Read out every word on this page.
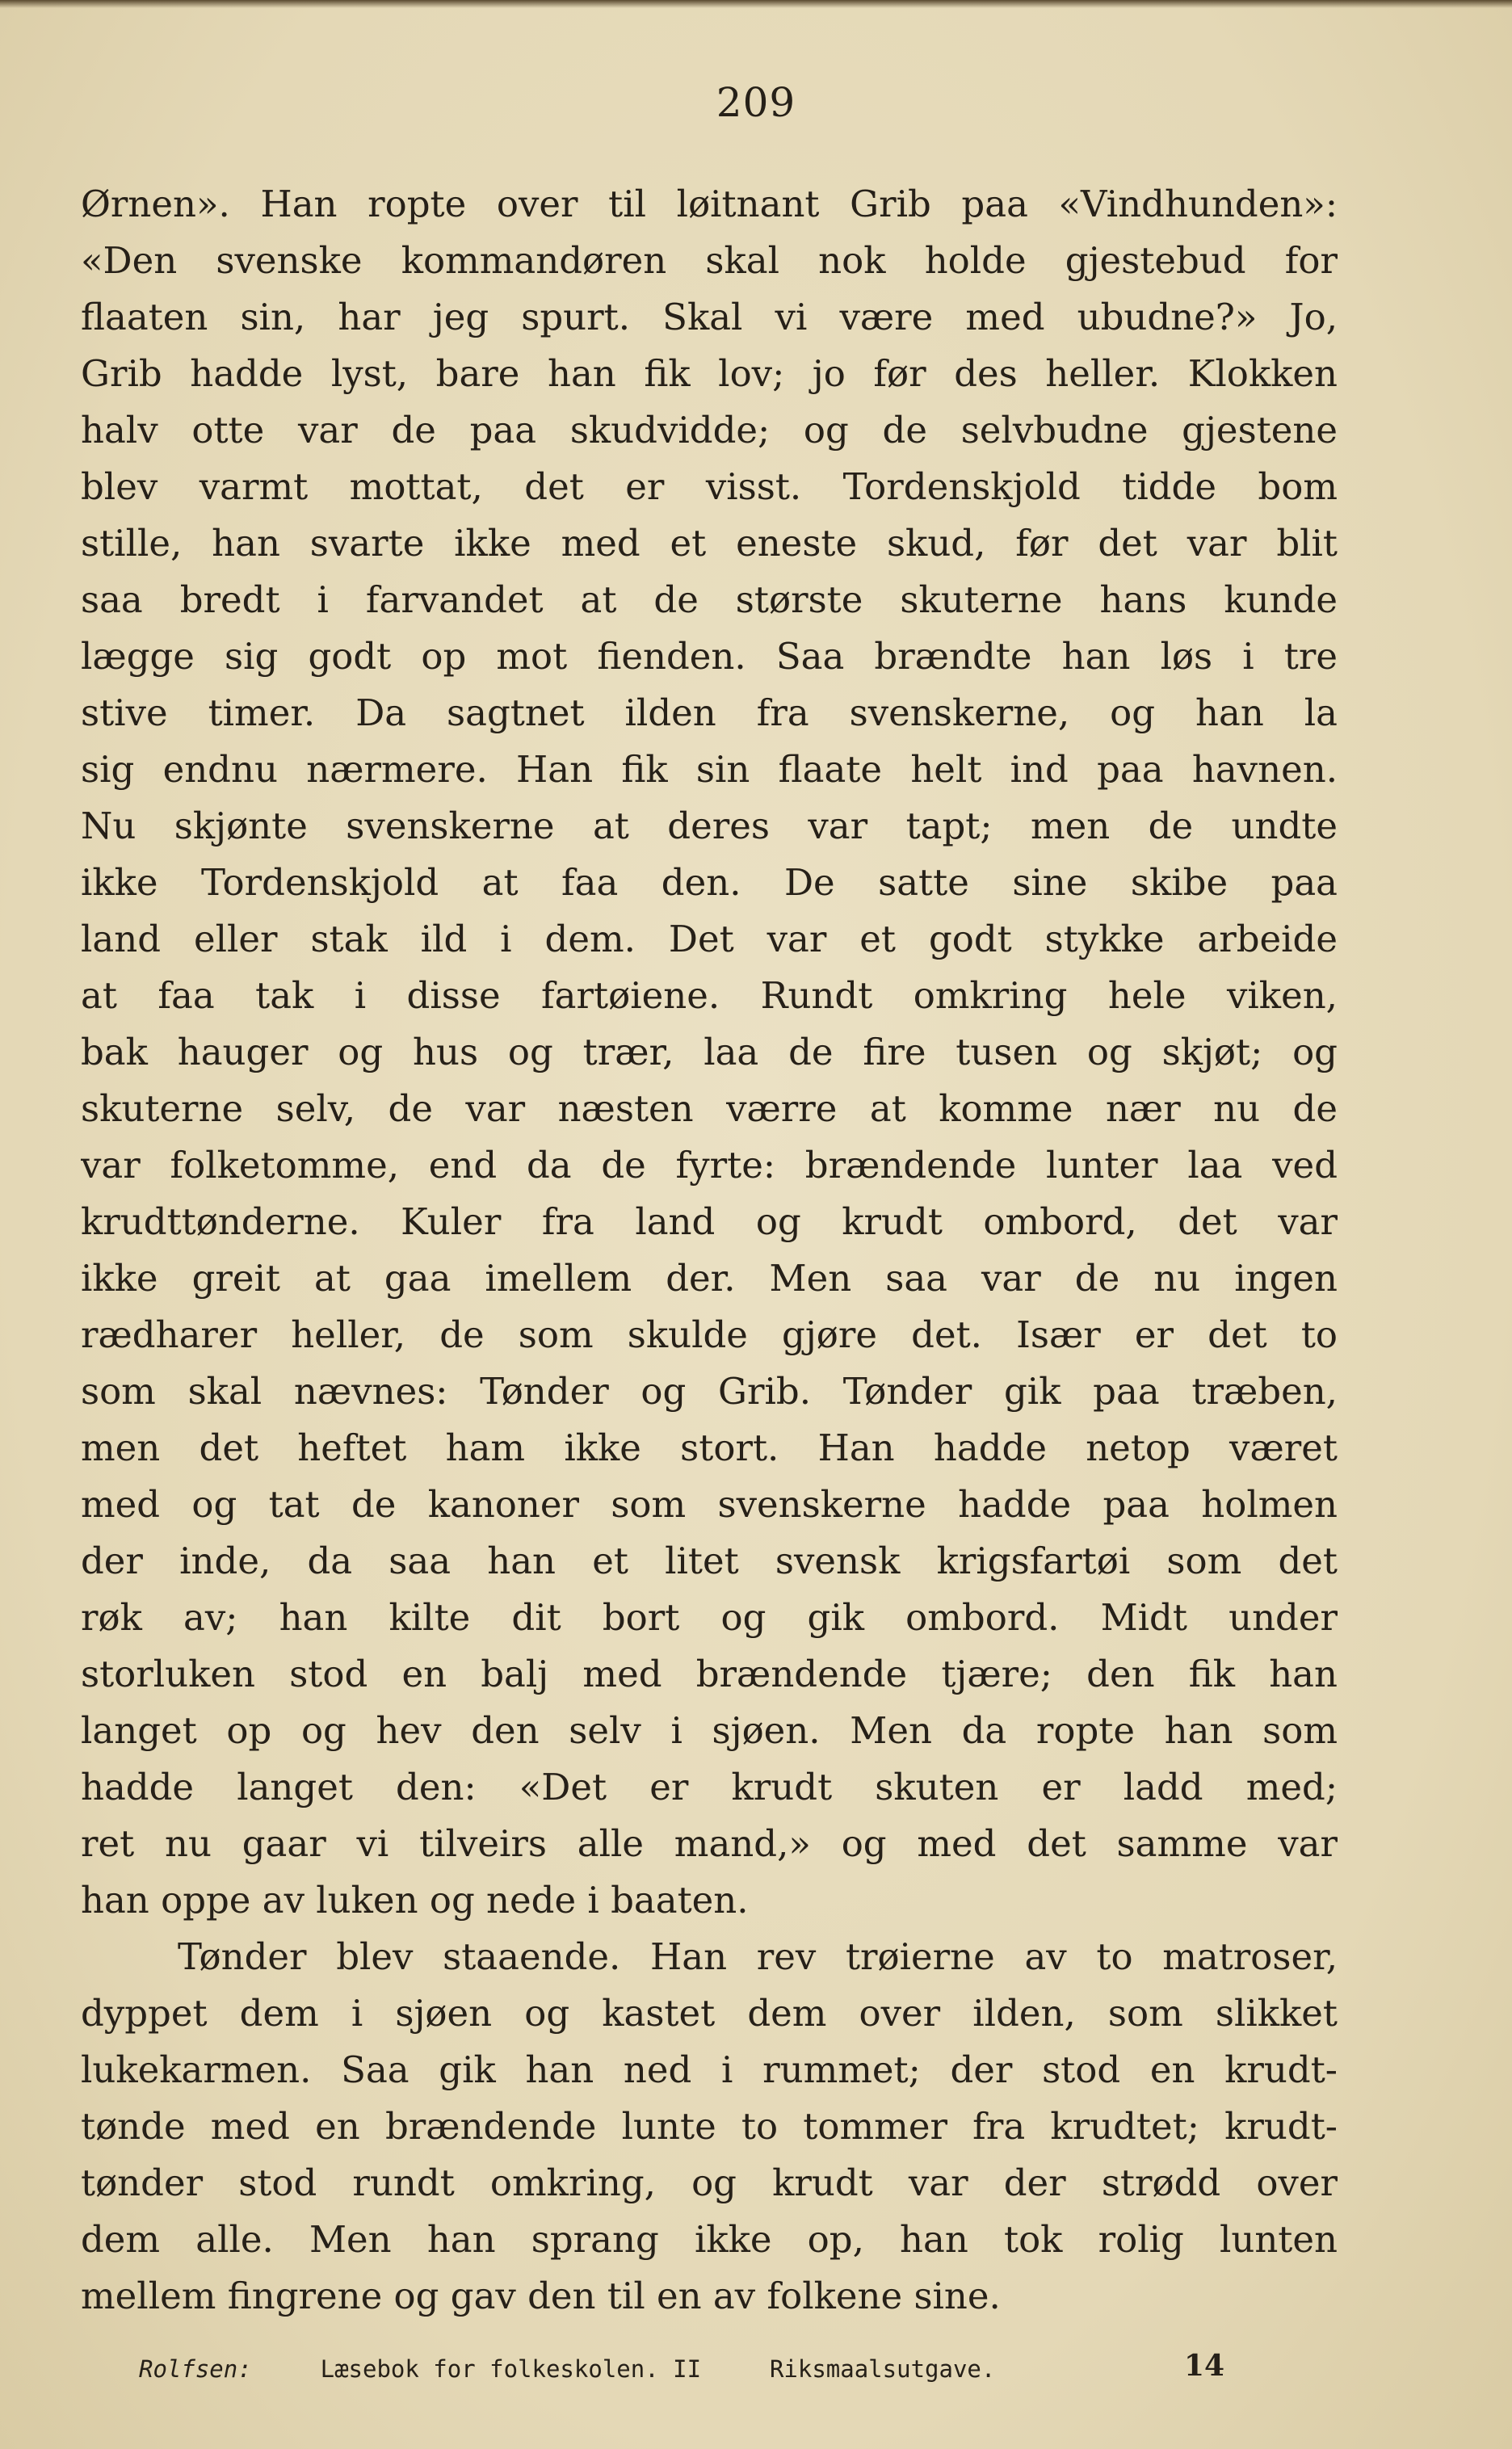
209
Ørnen». Han ropte over til løitnant Grib paa «Vindhunden»:
«Den svenske kommandøren skal nok holde gjestebud for
flaaten sin, har jeg spurt. Skal vi være med ubudne?» Jo,
Grib hadde lyst, bare han fik lov; jo før des heller. Klokken
halv otte var de paa skudvidde; og de selvbudne gjestene
blev varmt mottat, det er visst. Tordenskjold tidde bom
stille, han svarte ikke med et eneste skud, før det var blit
saa bredt i farvandet at de største skuterne hans kunde
lægge sig godt op mot fienden. Saa brændte han løs i tre
stive timer. Da sagtnet ilden fra svenskerne, og han la
sig endnu nærmere. Han fik sin flaate helt ind paa havnen.
Nu skjønte svenskerne at deres var tapt; men de undte
ikke Tordenskjold at faa den. De satte sine skibe paa
land eller stak ild i dem. Det var et godt stykke arbeide
at faa tak i disse fartøiene. Rundt omkring hele viken,
bak hauger og hus og trær, laa de fire tusen og skjøt; og
skuterne selv, de var næsten værre at komme nær nu de
var folketomme, end da de fyrte: brændende lunter laa ved
krudttønderne. Kuler fra land og krudt ombord, det var
ikke greit at gaa imellem der. Men saa var de nu ingen
rædharer heller, de som skulde gjøre det. Især er det to
som skal nævnes: Tønder og Grib. Tønder gik paa træben,
men det heftet ham ikke stort. Han hadde netop været
med og tat de kanoner som svenskerne hadde paa holmen
der inde, da saa han et litet svensk krigsfartøi som det
røk av; han kilte dit bort og gik ombord. Midt under
storluken stod en balj med brændende tjære; den fik han
langet op og hev den selv i sjøen. Men da ropte han som
hadde langet den: «Det er krudt skuten er ladd med;
ret nu gaar vi tilveirs alle mand,» og med det samme var
han oppe av luken og nede i baaten.
Tønder blev staaende. Han rev trøierne av to matroser,
dyppet dem i sjøen og kastet dem over ilden, som slikket
lukekarmen. Saa gik han ned i rummet; der stod en krudt-
tønde med en brændende lunte to tommer fra krudtet; krudt-
tønder stod rundt omkring, og krudt var der strødd over
dem alle. Men han sprang ikke op, han tok rolig lunten
mellem fingrene og gav den til en av folkene sine.
Rolfsen:	Læsebok for folkeskolen. II	Riksmaalsutgave.	14
